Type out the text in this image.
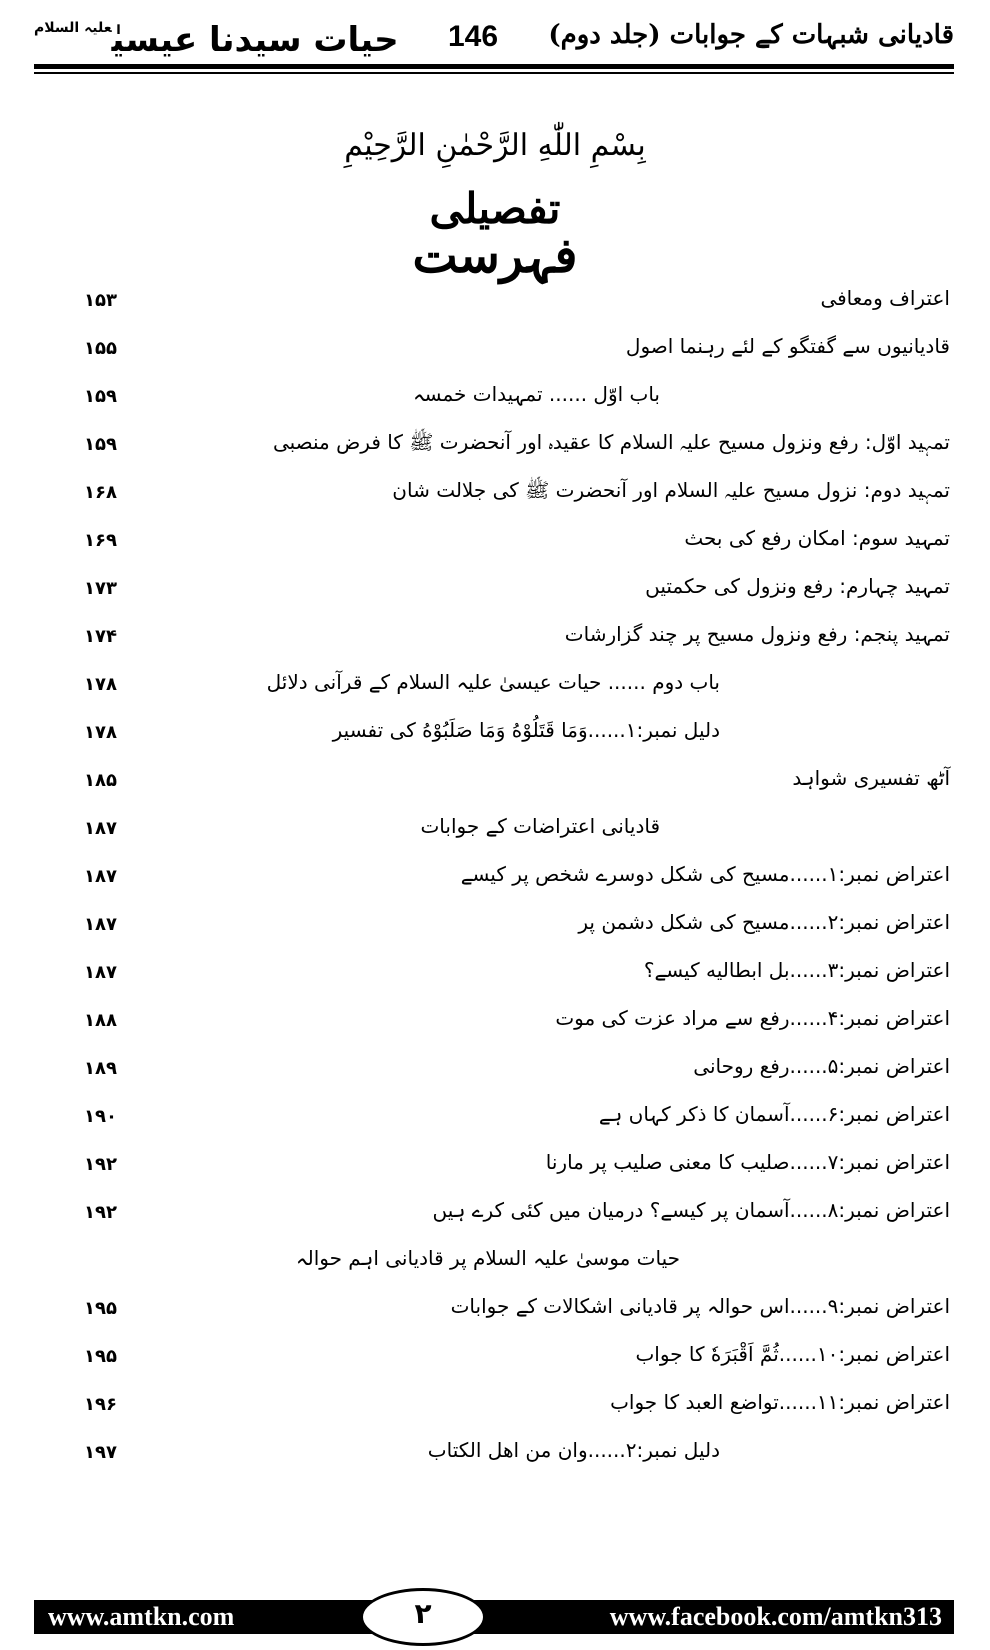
قادیانی شبہات کے جوابات (جلد دوم)
146
حیات سیدنا عیسیٰ$^{علیہ السلام}$
بِسْمِ اللّٰهِ الرَّحْمٰنِ الرَّحِيْمِ
تفصیلی
فہرست
اعتراف ومعافی
۱۵۳
قادیانیوں سے گفتگو کے لئے رہنما اصول
۱۵۵
باب اوّل ...... تمہیدات خمسہ
۱۵۹
تمہید اوّل: رفع ونزول مسیح علیہ السلام کا عقیدہ اور آنحضرت ﷺ کا فرض منصبی
۱۵۹
تمہید دوم: نزول مسیح علیہ السلام اور آنحضرت ﷺ کی جلالت شان
۱۶۸
تمہید سوم: امکان رفع کی بحث
۱۶۹
تمہید چہارم: رفع ونزول کی حکمتیں
۱۷۳
تمہید پنجم: رفع ونزول مسیح پر چند گزارشات
۱۷۴
باب دوم ...... حیات عیسیٰ علیہ السلام کے قرآنی دلائل
۱۷۸
دلیل نمبر:۱......وَمَا قَتَلُوْهُ وَمَا صَلَبُوْهُ کی تفسیر
۱۷۸
آٹھ تفسیری شواہد
۱۸۵
قادیانی اعتراضات کے جوابات
۱۸۷
اعتراض نمبر:۱......مسیح کی شکل دوسرے شخص پر کیسے
۱۸۷
اعتراض نمبر:۲......مسیح کی شکل دشمن پر
۱۸۷
اعتراض نمبر:۳......بل ابطالیه کیسے؟
۱۸۷
اعتراض نمبر:۴......رفع سے مراد عزت کی موت
۱۸۸
اعتراض نمبر:۵......رفع روحانی
۱۸۹
اعتراض نمبر:۶......آسمان کا ذکر کہاں ہے
۱۹۰
اعتراض نمبر:۷......صلیب کا معنی صلیب پر مارنا
۱۹۲
اعتراض نمبر:۸......آسمان پر کیسے؟ درمیان میں کئی کرے ہیں
۱۹۲
حیات موسیٰ علیہ السلام پر قادیانی اہم حوالہ
اعتراض نمبر:۹......اس حوالہ پر قادیانی اشکالات کے جوابات
۱۹۵
اعتراض نمبر:۱۰......ثُمَّ اَقْبَرَهٗ کا جواب
۱۹۵
اعتراض نمبر:۱۱......تواضع العبد کا جواب
۱۹۶
دلیل نمبر:۲......وان من اهل الكتاب
۱۹۷
www.amtkn.com	www.facebook.com/amtkn313
۲
